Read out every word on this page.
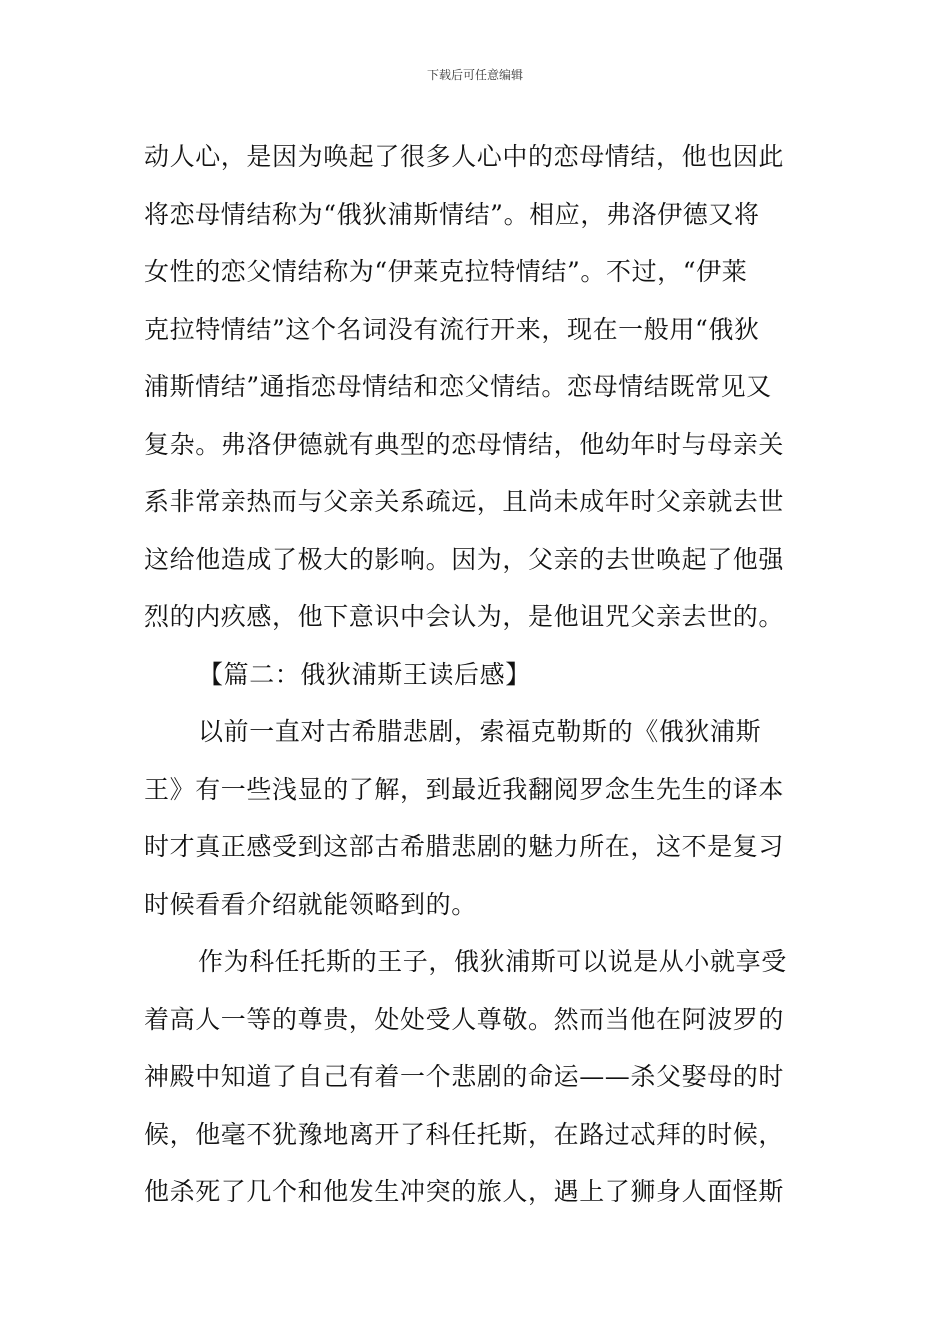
下载后可任意编辑
动人心，是因为唤起了很多人心中的恋母情结，他也因此
将恋母情结称为“俄狄浦斯情结”。相应，弗洛伊德又将
女性的恋父情结称为“伊莱克拉特情结”。不过，“伊莱
克拉特情结”这个名词没有流行开来，现在一般用“俄狄
浦斯情结”通指恋母情结和恋父情结。恋母情结既常见又
复杂。弗洛伊德就有典型的恋母情结，他幼年时与母亲关
系非常亲热而与父亲关系疏远，且尚未成年时父亲就去世
这给他造成了极大的影响。因为，父亲的去世唤起了他强
烈的内疚感，他下意识中会认为，是他诅咒父亲去世的。
【篇二：俄狄浦斯王读后感】
以前一直对古希腊悲剧，索福克勒斯的《俄狄浦斯
王》有一些浅显的了解，到最近我翻阅罗念生先生的译本
时才真正感受到这部古希腊悲剧的魅力所在，这不是复习
时候看看介绍就能领略到的。
作为科任托斯的王子，俄狄浦斯可以说是从小就享受
着高人一等的尊贵，处处受人尊敬。然而当他在阿波罗的
神殿中知道了自己有着一个悲剧的命运——杀父娶母的时
候，他毫不犹豫地离开了科任托斯，在路过忒拜的时候，
他杀死了几个和他发生冲突的旅人，遇上了狮身人面怪斯
